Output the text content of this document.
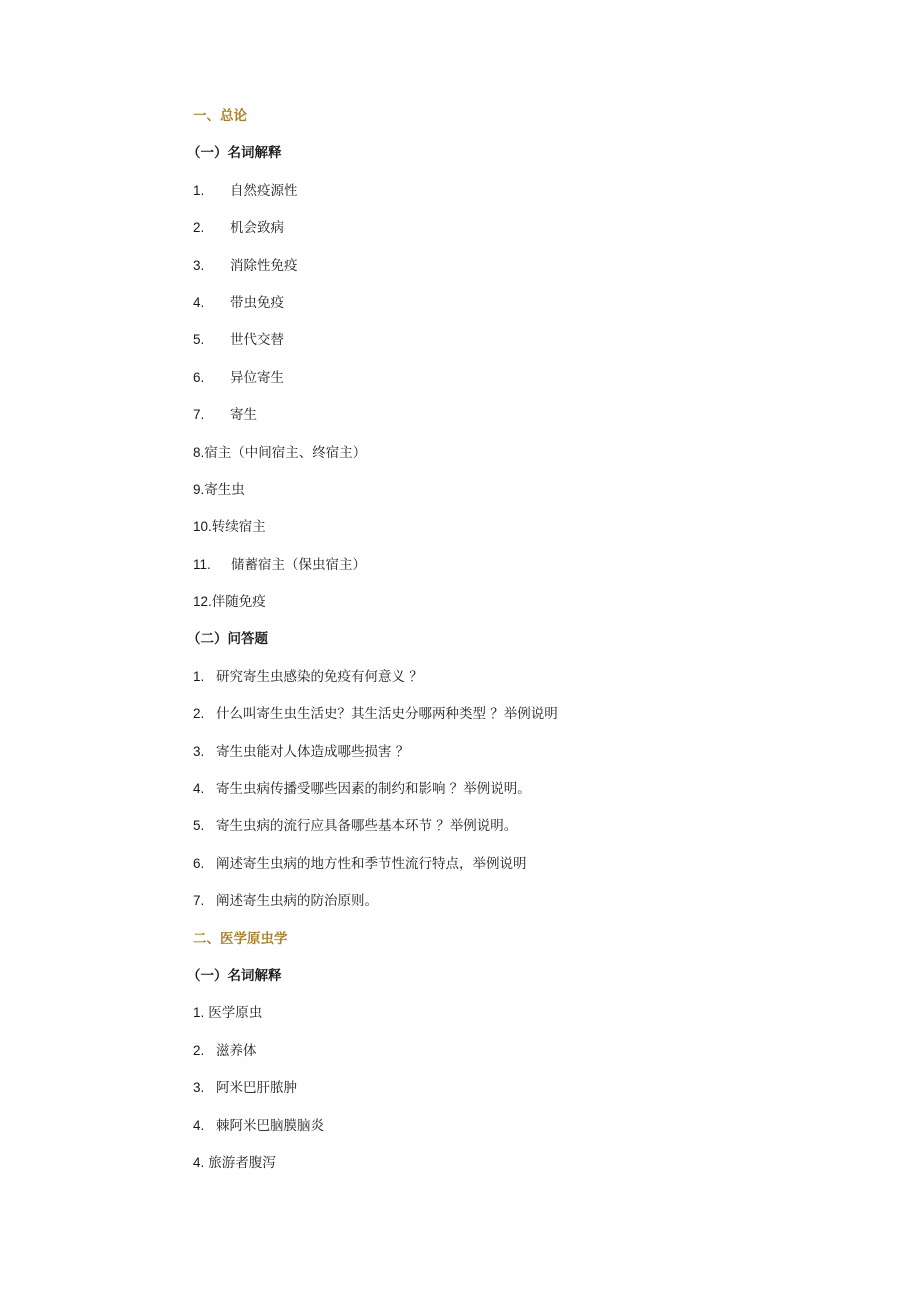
一、总论
（一）名词解释
1. 自然疫源性
2. 机会致病
3. 消除性免疫
4. 带虫免疫
5. 世代交替
6. 异位寄生
7. 寄生
8.宿主（中间宿主、终宿主）
9.寄生虫
10.转续宿主
11. 储蓄宿主（保虫宿主）
12.伴随免疫
（二）问答题
1. 研究寄生虫感染的免疫有何意义 ？
2. 什么叫寄生虫生活史？其生活史分哪两种类型 ？举例说明
3. 寄生虫能对人体造成哪些损害 ？
4. 寄生虫病传播受哪些因素的制约和影响 ？举例说明。
5. 寄生虫病的流行应具备哪些基本环节 ？举例说明。
6. 阐述寄生虫病的地方性和季节性流行特点，举例说明
7. 阐述寄生虫病的防治原则。
二、医学原虫学
（一）名词解释
1. 医学原虫
2. 滋养体
3. 阿米巴肝脓肿
4. 棘阿米巴脑膜脑炎
4. 旅游者腹泻
